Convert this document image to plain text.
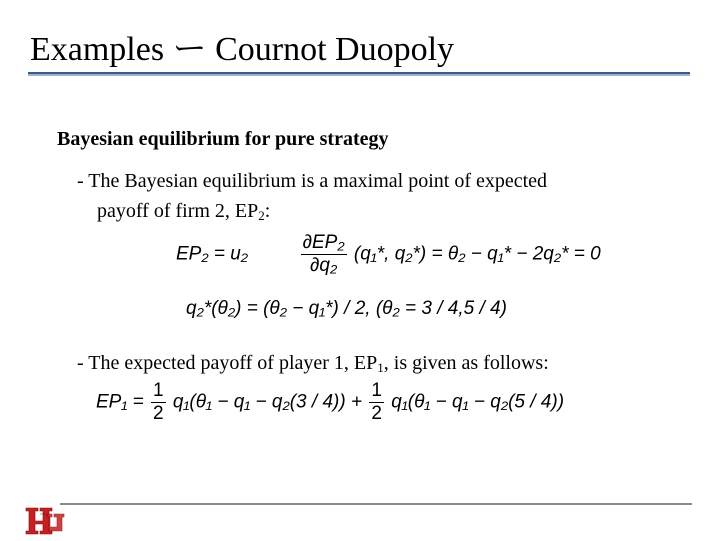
Examples ー Cournot Duopoly
Bayesian equilibrium for pure strategy
- The Bayesian equilibrium is a maximal point of expected
payoff of firm 2, $EP_2$:
EP₂ = u₂	$\frac{\text{∂EP₂}}{\text{∂q₂}} (q_1*$, q₂*) = θ₂ − q₁* − 2q₂* = 0
q₂*(θ₂) = (θ₂ − q₁*) / 2, (θ₂ = 3 / 4,5 / 4)
- The expected payoff of player 1, $EP_1$, is given as follows:
$EP_1 = \frac{1}{2} q_1(\theta_1 - q_1 - q_2(3 / 4)) + \frac{1}{2} q_1(\theta_1 - q_1 - q_2(5 / 4))$
